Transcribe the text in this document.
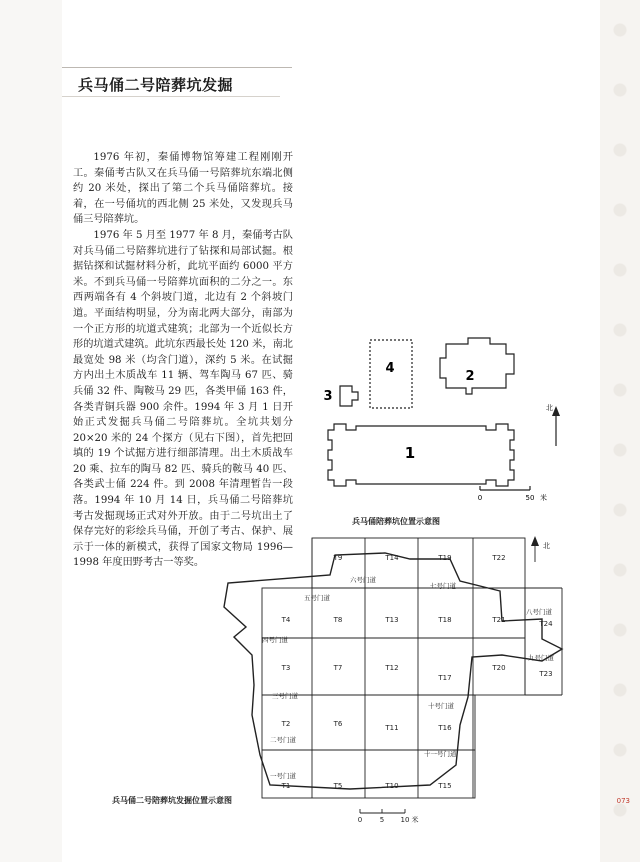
兵马俑二号陪葬坑发掘

1976 年初，秦俑博物馆筹建工程刚刚开工。秦俑考古队又在兵马俑一号陪葬坑东端北侧约 20 米处，探出了第二个兵马俑陪葬坑。接着，在一号俑坑的西北侧 25 米处，又发现兵马俑三号陪葬坑。

1976 年 5 月至 1977 年 8 月，秦俑考古队对兵马俑二号陪葬坑进行了钻探和局部试掘。根据钻探和试掘材料分析，此坑平面约 6000 平方米。不到兵马俑一号陪葬坑面积的二分之一。东西两端各有 4 个斜坡门道，北边有 2 个斜坡门道。平面结构明显，分为南北两大部分，南部为一个正方形的坑道式建筑；北部为一个近似长方形的坑道式建筑。此坑东西最长处 120 米，南北最宽处 98 米（均含门道），深约 5 米。在试掘方内出土木质战车 11 辆、驾车陶马 67 匹、骑兵俑 32 件、陶鞍马 29 匹，各类甲俑 163 件，各类青铜兵器 900 余件。1994 年 3 月 1 日开始正式发掘兵马俑二号陪葬坑。全坑共划分 20×20 米的 24 个探方（见右下图），首先把回填的 19 个试掘方进行细部清理。出土木质战车 20 乘、拉车的陶马 82 匹、骑兵的鞍马 40 匹、各类武士俑 224 件。到 2008 年清理暂告一段落。1994 年 10 月 14 日，兵马俑二号陪葬坑考古发掘现场正式对外开放。由于二号坑出土了保存完好的彩绘兵马俑，开创了考古、保护、展示于一体的新模式，获得了国家文物局 1996—1998 年度田野考古一等奖。

4
2
3
1
北
0	50 米
兵马俑陪葬坑位置示意图
北
T9	T14	T19	T22
T8	T13	T18	T21	T24
T4
T7	T12
T17
T20
T23
T3
T2	T6	T11	T16
T1	T5	T10	T15
六号门道
七号门道
五号门道
八号门道
四号门道
九号门道
三号门道
十号门道
二号门道
十一号门道
一号门道
0	5 10 米
兵马俑二号陪葬坑发掘位置示意图	073
